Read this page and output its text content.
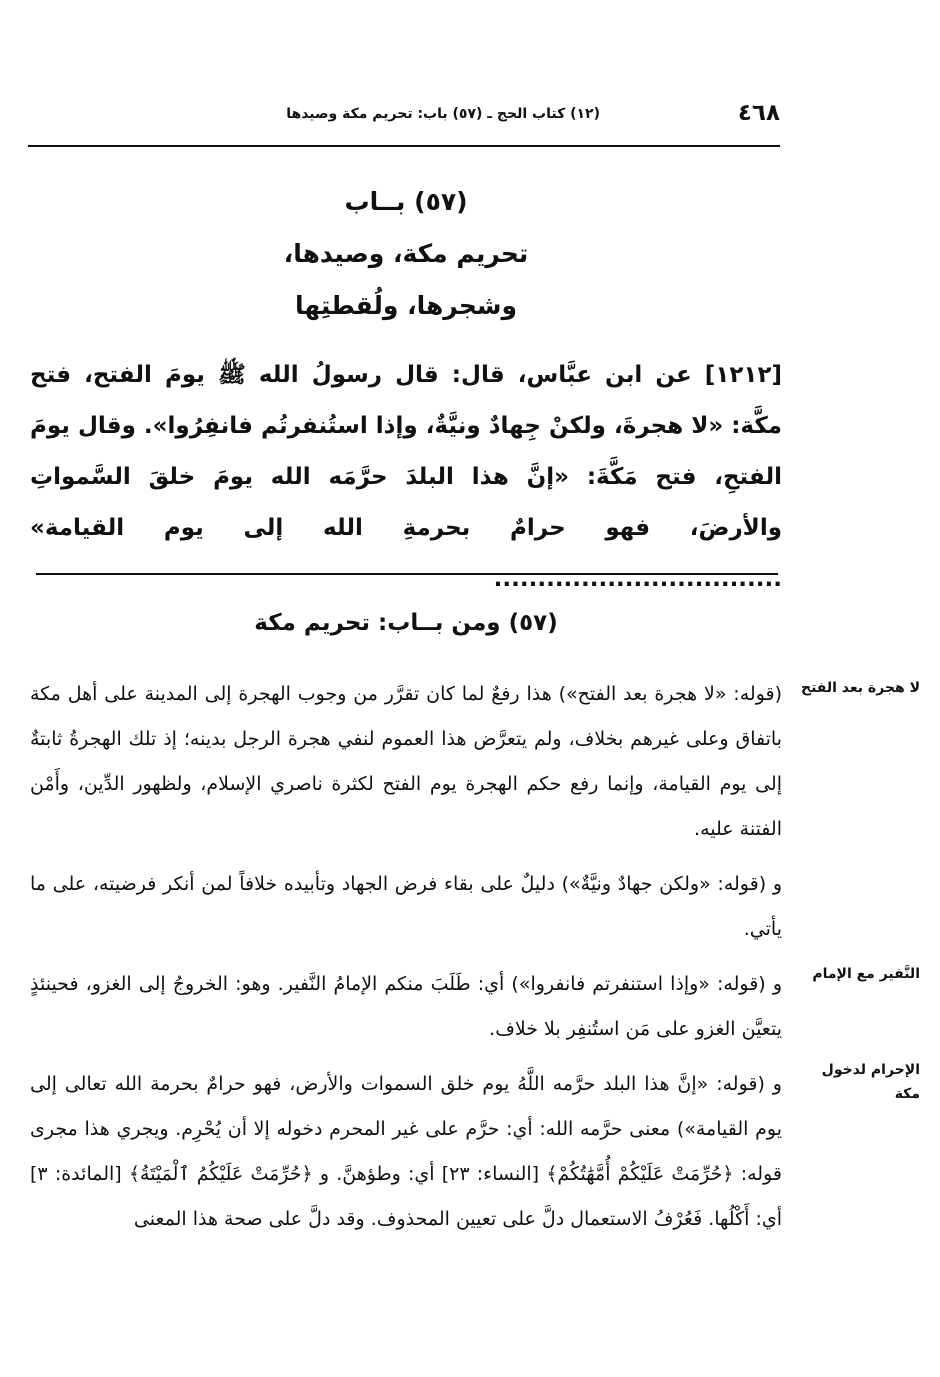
٤٦٨
(١٢) كتاب الحج ـ (٥٧) باب: تحريم مكة وصيدها
(٥٧) بــاب
تحريم مكة، وصيدها،
وشجرها، ولُقطتِها
[١٢١٢] عن ابن عبَّاس، قال: قال رسولُ الله ﷺ يومَ الفتح، فتح مكَّة: «لا هجرةَ، ولكنْ جِهادٌ ونيَّةٌ، وإذا استُنفرتُم فانفِرُوا». وقال يومَ الفتحِ، فتح مَكَّةَ: «إنَّ هذا البلدَ حرَّمَه الله يومَ خلقَ السَّمواتِ والأرضَ، فهو حرامٌ بحرمةِ الله إلى يوم القيامة» .................................
(٥٧) ومن بــاب: تحريم مكة

(قوله: «لا هجرة بعد الفتح») هذا رفعٌ لما كان تقرَّر من وجوب الهجرة إلى المدينة على أهل مكة باتفاق وعلى غيرهم بخلاف، ولم يتعرَّض هذا العموم لنفي هجرة الرجل بدينه؛ إذ تلك الهجرةُ ثابتةٌ إلى يوم القيامة، وإنما رفع حكم الهجرة يوم الفتح لكثرة ناصري الإسلام، ولظهور الدِّين، وأَمْن الفتنة عليه.

و (قوله: «ولكن جهادٌ ونيَّةٌ») دليلٌ على بقاء فرض الجهاد وتأبيده خلافاً لمن أنكر فرضيته، على ما يأتي.

و (قوله: «وإذا استنفرتم فانفروا») أي: طَلَبَ منكم الإمامُ النَّفير. وهو: الخروجُ إلى الغزو، فحينئذٍ يتعيَّن الغزو على مَن استُنفِر بلا خلاف.

و (قوله: «إنَّ هذا البلد حرَّمه اللَّهُ يوم خلق السموات والأرض، فهو حرامٌ بحرمة الله تعالى إلى يوم القيامة») معنى حرَّمه الله: أي: حرَّم على غير المحرم دخوله إلا أن يُحْرِم. ويجري هذا مجرى قوله: ﴿حُرِّمَتْ عَلَيْكُمْ أُمَّهَٰتُكُمْ﴾ [النساء: ٢٣] أي: وطؤهنَّ. و ﴿حُرِّمَتْ عَلَيْكُمُ ٱلْمَيْتَةُ﴾ [المائدة: ٣] أي: أَكْلُها. فَعُرْفُ الاستعمال دلَّ على تعيين المحذوف. وقد دلَّ على صحة هذا المعنى

لا هجرة بعد الفتح
النَّفير مع الإمام
الإحرام لدخول مكة
